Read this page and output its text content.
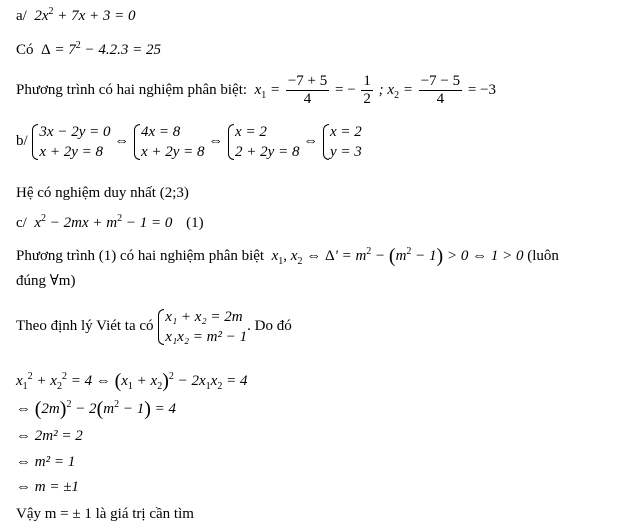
a/  $2x^2 + 7x + 3 = 0$
Có $\Delta = 7^2 - 4.2.3 = 25$
Phương trình có hai nghiệm phân biệt:  $x_1 = \frac{-7 + 5}{4}$ = − $\frac{1}{2}$ ; $x_2 = \frac{-7 - 5}{4} = -3$
b/
3x − 2y = 0
x + 2y = 8
⇔
4x = 8
x + 2y = 8
⇔
x = 2
2 + 2y = 8
⇔
x = 2
y = 3
Hệ có nghiệm duy nhất (2;3)
c/  $x^2 - 2mx + m^2 - 1 = 0$ (1)
Phương trình (1) có hai nghiệm phân biệt  $x_1$, $x_2$ ⇔ $\Delta' = m^2 - (m^2 - 1) > 0$ ⇔ 1 > 0 (luôn
đúng ∀m)
Theo định lý Viét ta có
x₁ + x₂ = 2m
x₁x₂ = m² − 1
. Do đó
$x_1^2 + x_2^2 = 4$ ⇔ $(x_1 + x_2)^2 - 2x_1x_2 = 4$
⇔ $(2m)^2 - 2(m^2 - 1) = 4$
⇔ 2m² = 2
⇔ m² = 1
⇔ m = ±1
Vậy m = ± 1 là giá trị cần tìm
